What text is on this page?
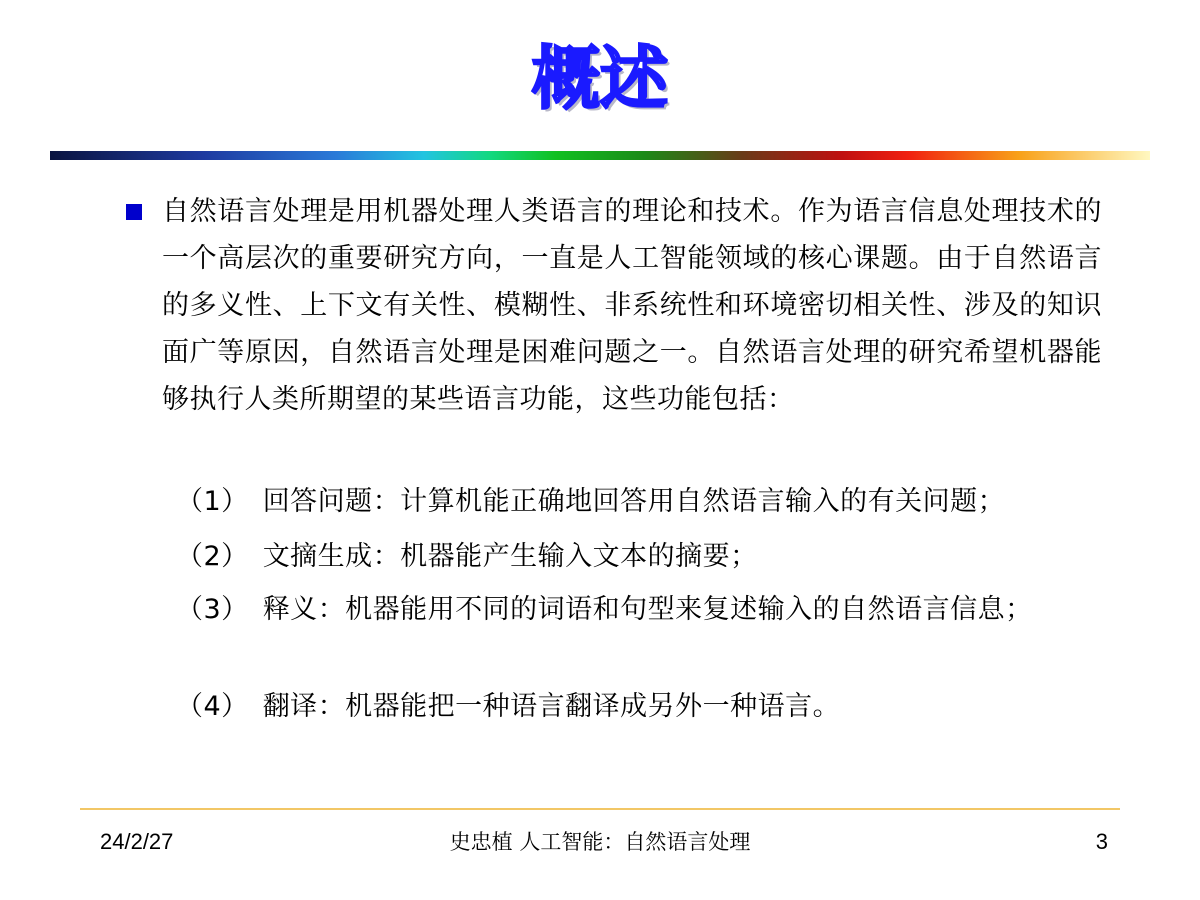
概述
自然语言处理是用机器处理人类语言的理论和技术。作为语言信息处理技术的一个高层次的重要研究方向，一直是人工智能领域的核心课题。由于自然语言的多义性、上下文有关性、模糊性、非系统性和环境密切相关性、涉及的知识面广等原因，自然语言处理是困难问题之一。自然语言处理的研究希望机器能够执行人类所期望的某些语言功能，这些功能包括：
（1） 回答问题：计算机能正确地回答用自然语言输入的有关问题；
（2） 文摘生成：机器能产生输入文本的摘要；
（3） 释义：机器能用不同的词语和句型来复述输入的自然语言信息；
（4） 翻译：机器能把一种语言翻译成另外一种语言。
24/2/27	史忠植 人工智能：自然语言处理	3
